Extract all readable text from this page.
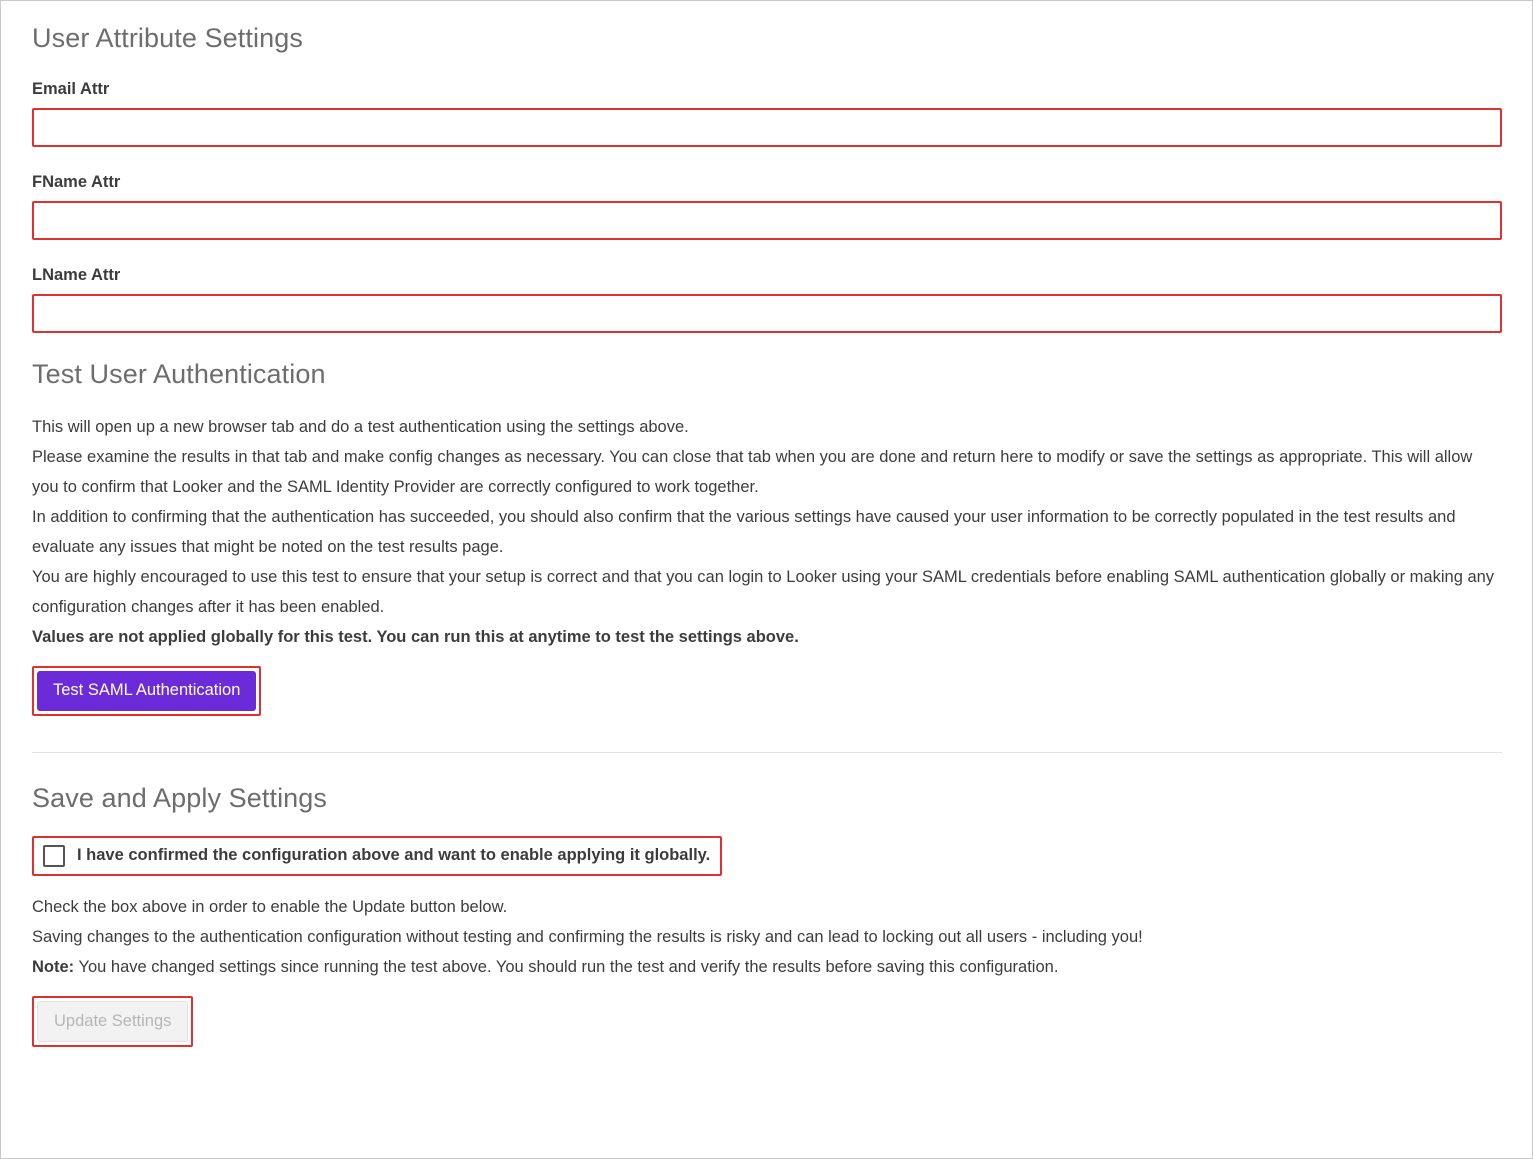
User Attribute Settings
Email Attr
FName Attr
LName Attr
Test User Authentication
This will open up a new browser tab and do a test authentication using the settings above.
Please examine the results in that tab and make config changes as necessary. You can close that tab when you are done and return here to modify or save the settings as appropriate. This will allow you to confirm that Looker and the SAML Identity Provider are correctly configured to work together.
In addition to confirming that the authentication has succeeded, you should also confirm that the various settings have caused your user information to be correctly populated in the test results and evaluate any issues that might be noted on the test results page.
You are highly encouraged to use this test to ensure that your setup is correct and that you can login to Looker using your SAML credentials before enabling SAML authentication globally or making any configuration changes after it has been enabled.
Values are not applied globally for this test. You can run this at anytime to test the settings above.
Test SAML Authentication
Save and Apply Settings
I have confirmed the configuration above and want to enable applying it globally.
Check the box above in order to enable the Update button below.
Saving changes to the authentication configuration without testing and confirming the results is risky and can lead to locking out all users - including you!
Note: You have changed settings since running the test above. You should run the test and verify the results before saving this configuration.
Update Settings
